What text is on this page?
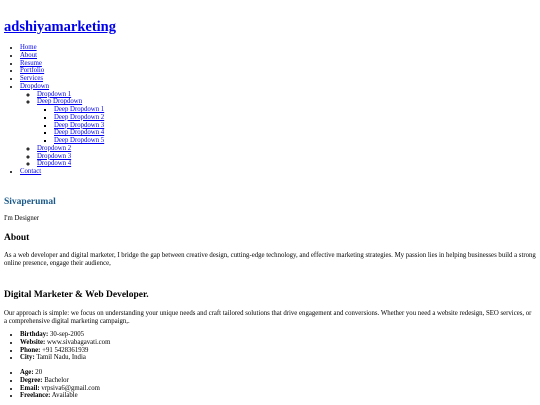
adshiyamarketing
• Home
• About
• Resume
• Portfolio
• Services
• Dropdown
◦ Dropdown 1
◦ Deep Dropdown
▪ Deep Dropdown 1
▪ Deep Dropdown 2
▪ Deep Dropdown 3
▪ Deep Dropdown 4
▪ Deep Dropdown 5
◦ Dropdown 2
◦ Dropdown 3
◦ Dropdown 4
• Contact
Sivaperumal

I'm Designer

About

As a web developer and digital marketer, I bridge the gap between creative design, cutting-edge technology, and effective marketing strategies. My passion lies in helping businesses build a strong online presence, engage their audience,

Digital Marketer & Web Developer.

Our approach is simple: we focus on understanding your unique needs and craft tailored solutions that drive engagement and conversions. Whether you need a website redesign, SEO services, or a comprehensive digital marketing campaign,.

• Birthday: 30-sep-2005
• Website: www.sivabagavati.com
• Phone: +91 5428361939
• City: Tamil Nadu, India
• Age: 20
• Degree: Bachelor
• Email: vrpsiva6@gmail.com
• Freelance: Available
